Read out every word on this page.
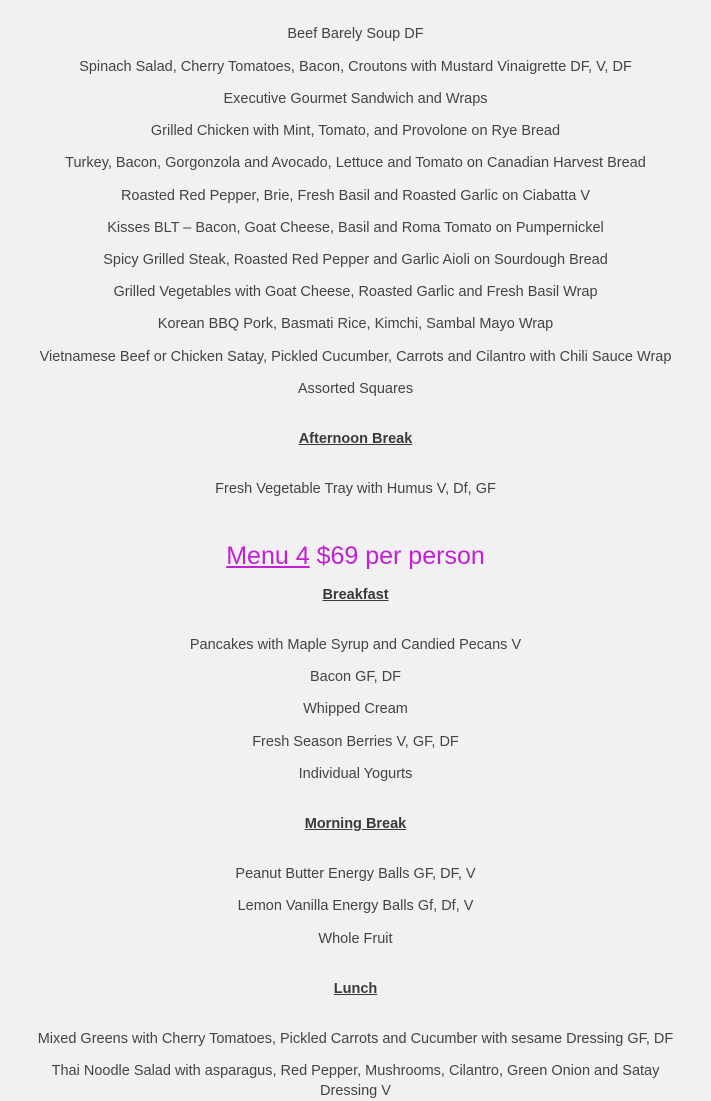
Beef Barely Soup DF
Spinach Salad, Cherry Tomatoes, Bacon, Croutons with Mustard Vinaigrette DF, V, DF
Executive Gourmet Sandwich and Wraps
Grilled Chicken with Mint, Tomato, and Provolone on Rye Bread
Turkey, Bacon, Gorgonzola and Avocado, Lettuce and Tomato on Canadian Harvest Bread
Roasted Red Pepper, Brie, Fresh Basil and Roasted Garlic on Ciabatta V
Kisses BLT – Bacon, Goat Cheese, Basil and Roma Tomato on Pumpernickel
Spicy Grilled Steak, Roasted Red Pepper and Garlic Aioli on Sourdough Bread
Grilled Vegetables with Goat Cheese, Roasted Garlic and Fresh Basil Wrap
Korean BBQ Pork, Basmati Rice, Kimchi, Sambal Mayo Wrap
Vietnamese Beef or Chicken Satay, Pickled Cucumber, Carrots and Cilantro with Chili Sauce Wrap
Assorted Squares
Afternoon Break
Fresh Vegetable Tray with Humus V, Df, GF
Menu 4 $69 per person
Breakfast
Pancakes with Maple Syrup and Candied Pecans V
Bacon GF, DF
Whipped Cream
Fresh Season Berries V, GF, DF
Individual Yogurts
Morning Break
Peanut Butter Energy Balls GF, DF, V
Lemon Vanilla Energy Balls Gf, Df, V
Whole Fruit
Lunch
Mixed Greens with Cherry Tomatoes, Pickled Carrots and Cucumber with sesame Dressing GF, DF
Thai Noodle Salad with asparagus, Red Pepper, Mushrooms, Cilantro, Green Onion and Satay Dressing V
